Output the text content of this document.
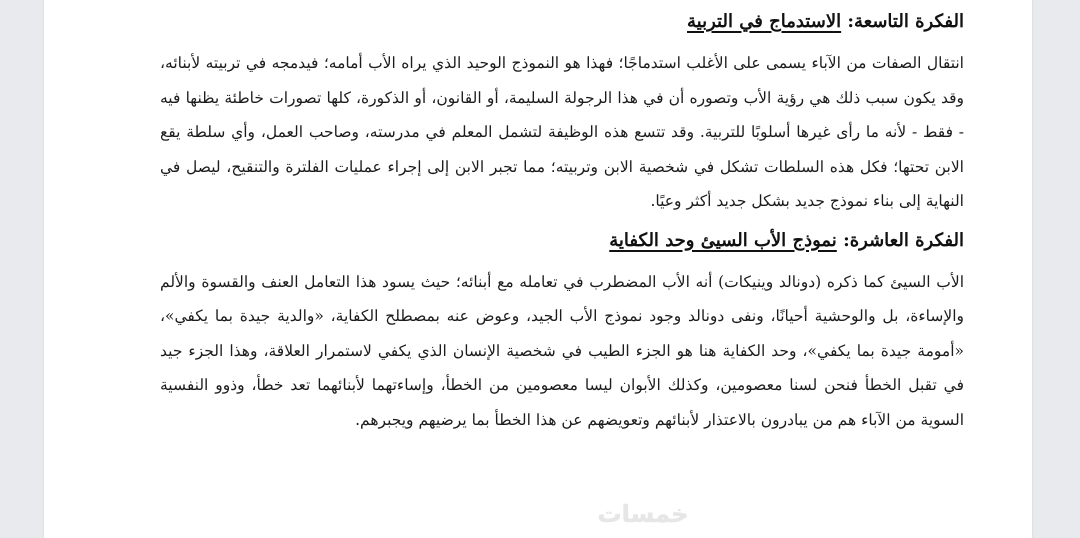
الفكرة التاسعة: الاستدماج في التربية

انتقال الصفات من الآباء يسمى على الأغلب استدماجًا؛ فهذا هو النموذج الوحيد الذي يراه الأب أمامه؛ فيدمجه في تربيته لأبنائه، وقد يكون سبب ذلك هي رؤية الأب وتصوره أن في هذا الرجولة السليمة، أو القانون، أو الذكورة، كلها تصورات خاطئة يظنها فيه - فقط - لأنه ما رأى غيرها أسلوبًا للتربية. وقد تتسع هذه الوظيفة لتشمل المعلم في مدرسته، وصاحب العمل، وأي سلطة يقع الابن تحتها؛ فكل هذه السلطات تشكل في شخصية الابن وتربيته؛ مما تجبر الابن إلى إجراء عمليات الفلترة والتنقيح، ليصل في النهاية إلى بناء نموذج جديد بشكل جديد أكثر وعيًا.

الفكرة العاشرة: نموذج الأب السيئ وحد الكفاية

الأب السيئ كما ذكره (دونالد وينيكات) أنه الأب المضطرب في تعامله مع أبنائه؛ حيث يسود هذا التعامل العنف والقسوة والألم والإساءة، بل والوحشية أحيانًا، ونفى دونالد وجود نموذج الأب الجيد، وعوض عنه بمصطلح الكفاية، «والدية جيدة بما يكفي»، «أمومة جيدة بما يكفي»، وحد الكفاية هنا هو الجزء الطيب في شخصية الإنسان الذي يكفي لاستمرار العلاقة، وهذا الجزء جيد في تقبل الخطأ فنحن لسنا معصومين، وكذلك الأبوان ليسا معصومين من الخطأ، وإساءتهما لأبنائهما تعد خطأ، وذوو النفسية السوية من الآباء هم من يبادرون بالاعتذار لأبنائهم وتعويضهم عن هذا الخطأ بما يرضيهم ويجبرهم.

خمسات
